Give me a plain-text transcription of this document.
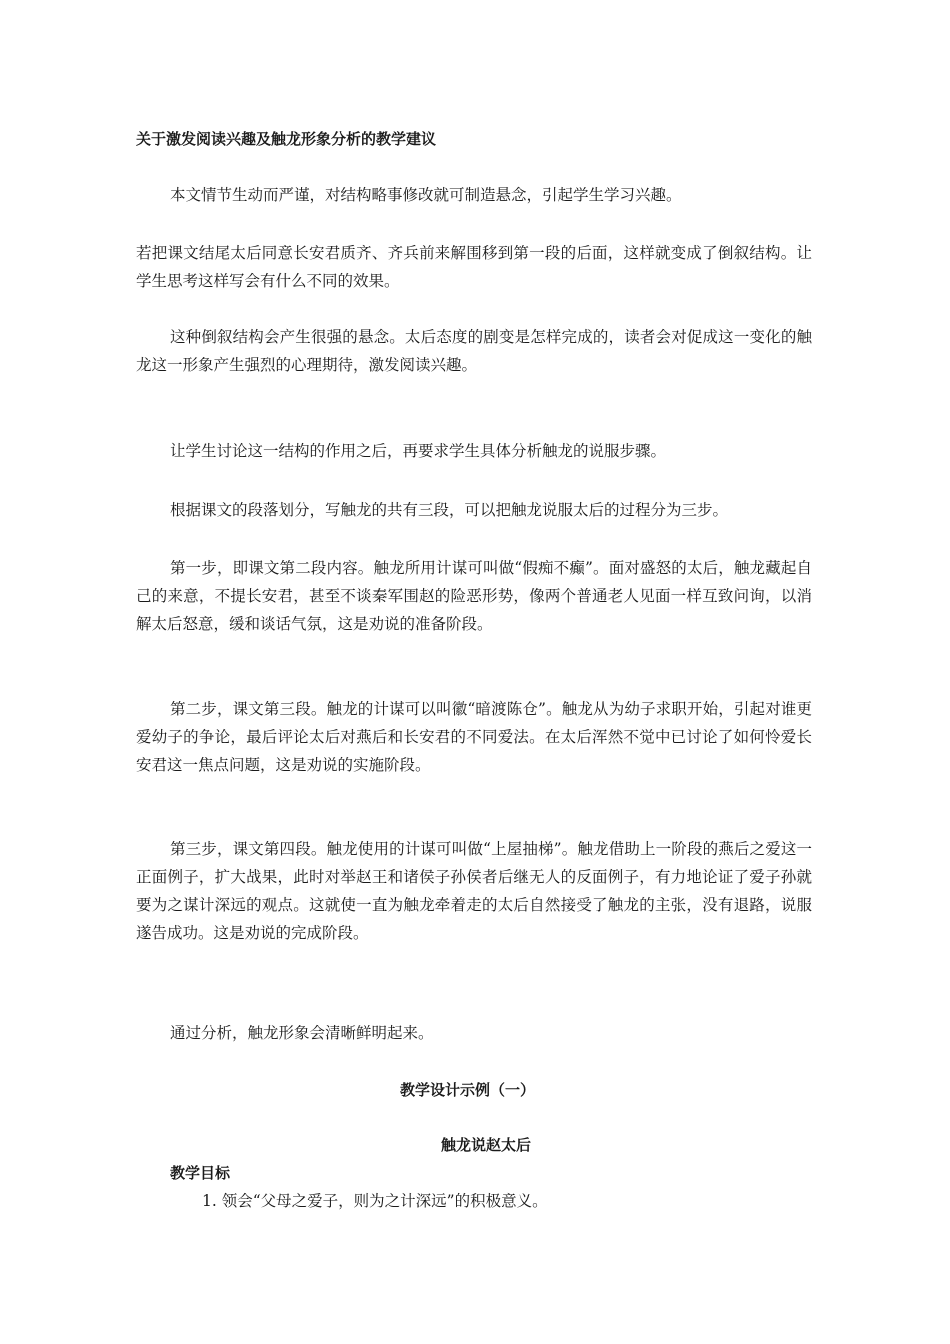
关于激发阅读兴趣及触龙形象分析的教学建议

本文情节生动而严谨，对结构略事修改就可制造悬念，引起学生学习兴趣。

若把课文结尾太后同意长安君质齐、齐兵前来解围移到第一段的后面，这样就变成了倒叙结构。让学生思考这样写会有什么不同的效果。

这种倒叙结构会产生很强的悬念。太后态度的剧变是怎样完成的，读者会对促成这一变化的触龙这一形象产生强烈的心理期待，激发阅读兴趣。

让学生讨论这一结构的作用之后，再要求学生具体分析触龙的说服步骤。

根据课文的段落划分，写触龙的共有三段，可以把触龙说服太后的过程分为三步。

第一步，即课文第二段内容。触龙所用计谋可叫做“假痴不癫”。面对盛怒的太后，触龙藏起自己的来意，不提长安君，甚至不谈秦军围赵的险恶形势，像两个普通老人见面一样互致问询，以消解太后怒意，缓和谈话气氛，这是劝说的准备阶段。

第二步，课文第三段。触龙的计谋可以叫徽“暗渡陈仓”。触龙从为幼子求职开始，引起对谁更爱幼子的争论，最后评论太后对燕后和长安君的不同爱法。在太后浑然不觉中已讨论了如何怜爱长安君这一焦点问题，这是劝说的实施阶段。

第三步，课文第四段。触龙使用的计谋可叫做“上屋抽梯”。触龙借助上一阶段的燕后之爱这一正面例子，扩大战果，此时对举赵王和诸侯子孙侯者后继无人的反面例子，有力地论证了爱子孙就要为之谋计深远的观点。这就使一直为触龙牵着走的太后自然接受了触龙的主张，没有退路，说服遂告成功。这是劝说的完成阶段。

通过分析，触龙形象会清晰鲜明起来。

教学设计示例（一）
触龙说赵太后
教学目标
1. 领会“父母之爱子，则为之计深远”的积极意义。
